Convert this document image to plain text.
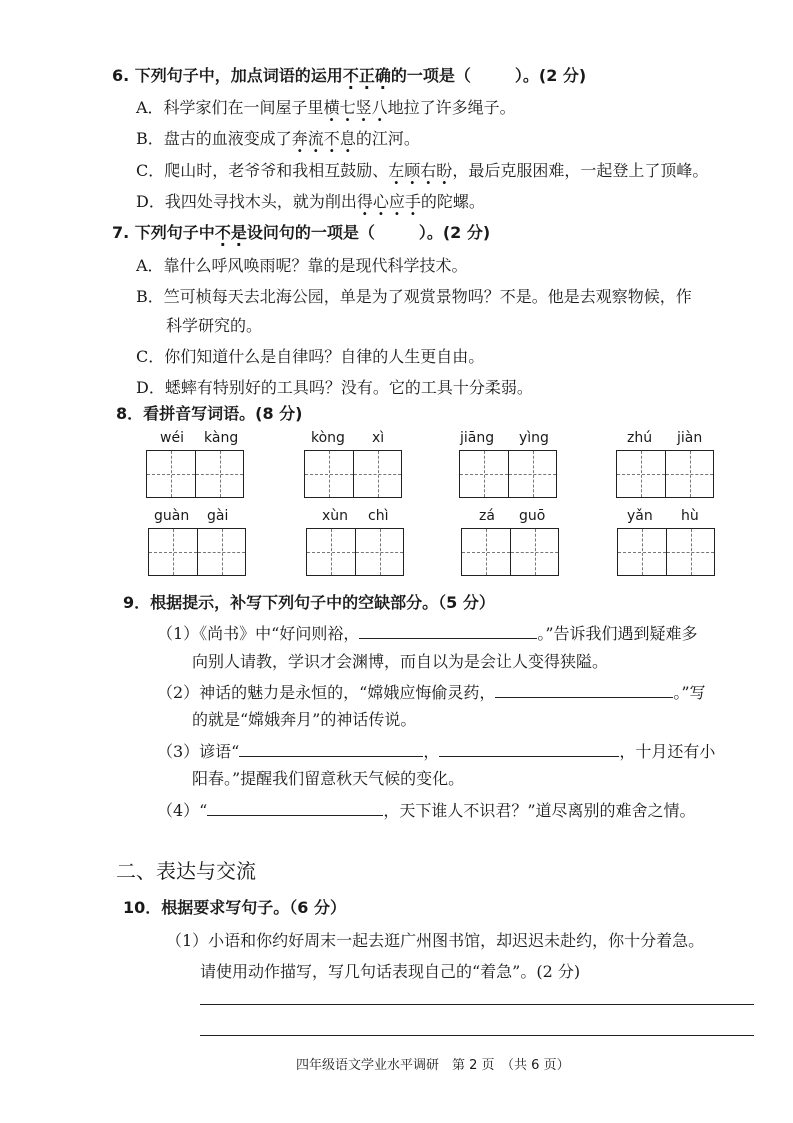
6. 下列句子中，加点词语的运用不正确的一项是（	）。(2 分)
A．科学家们在一间屋子里横七竖八地拉了许多绳子。
B．盘古的血液变成了奔流不息的江河。
C．爬山时，老爷爷和我相互鼓励、左顾右盼，最后克服困难，一起登上了顶峰。
D．我四处寻找木头，就为削出得心应手的陀螺。
7. 下列句子中不是设问句的一项是（	）。(2 分)
A．靠什么呼风唤雨呢？靠的是现代科学技术。
B．竺可桢每天去北海公园，单是为了观赏景物吗？不是。他是去观察物候，作
科学研究的。
C．你们知道什么是自律吗？自律的人生更自由。
D．蟋蟀有特别好的工具吗？没有。它的工具十分柔弱。
8．看拼音写词语。(8 分)
wéi kàng	kòng xì	jiāng yìng	zhú jiàn
guàn gài	xùn chì	zá guō	yǎn hù
9．根据提示，补写下列句子中的空缺部分。（5 分）
（1）《尚书》中“好问则裕，	。”告诉我们遇到疑难多
向别人请教，学识才会渊博，而自以为是会让人变得狭隘。
（2）神话的魅力是永恒的，“嫦娥应悔偷灵药，	。”写
的就是“嫦娥奔月”的神话传说。
（3）谚语“	，	，十月还有小
阳春。”提醒我们留意秋天气候的变化。
（4）“	，天下谁人不识君？”道尽离别的难舍之情。
二、表达与交流
10．根据要求写句子。（6 分）
（1）小语和你约好周末一起去逛广州图书馆，却迟迟未赴约，你十分着急。
请使用动作描写，写几句话表现自己的“着急”。(2 分)
四年级语文学业水平调研　第 2 页　（共 6 页）
